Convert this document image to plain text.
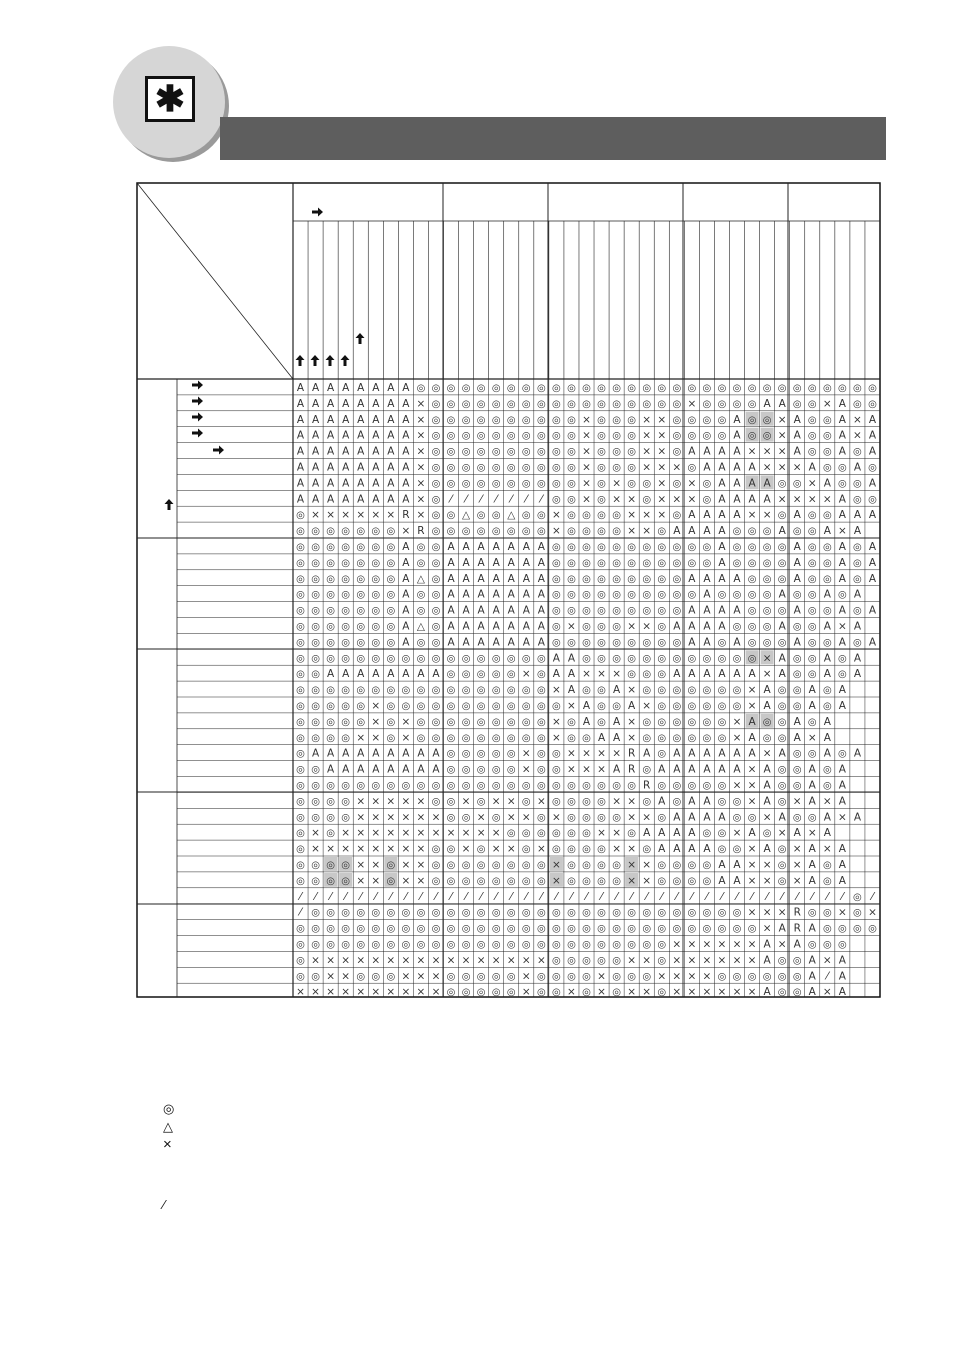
✱
A A A A A A A A ◎ ◎ ◎ ◎ ◎ ◎ ◎ ◎ ◎ ◎ ◎ ◎ ◎ ◎ ◎ ◎ ◎ ◎ ◎ ◎ ◎ ◎ ◎ ◎ ◎ ◎ ◎ ◎ ◎ ◎ ◎
A A A A A A A A × ◎ ◎ ◎ ◎ ◎ ◎ ◎ ◎ ◎ ◎ ◎ ◎ ◎ ◎ ◎ ◎ ◎ × ◎ ◎ ◎ ◎ A A ◎ ◎ × A ◎ ◎
A A A A A A A A × ◎ ◎ ◎ ◎ ◎ ◎ ◎ ◎ ◎ ◎ × ◎ ◎ ◎ × × ◎ ◎ ◎ ◎ A ◎ ◎ × A ◎ ◎ A × A
A A A A A A A A × ◎ ◎ ◎ ◎ ◎ ◎ ◎ ◎ ◎ ◎ × ◎ ◎ ◎ × × ◎ ◎ ◎ ◎ A ◎ ◎ × A ◎ ◎ A × A
A A A A A A A A × ◎ ◎ ◎ ◎ ◎ ◎ ◎ ◎ ◎ ◎ × ◎ ◎ ◎ × × ◎ A A A A × × × A ◎ ◎ A ◎ A
A A A A A A A A × ◎ ◎ ◎ ◎ ◎ ◎ ◎ ◎ ◎ ◎ × ◎ ◎ ◎ × × × ◎ A A A A × × × A ◎ ◎ A ◎
A A A A A A A A × ◎ ◎ ◎ ◎ ◎ ◎ ◎ ◎ ◎ ◎ × ◎ × ◎ ◎ × ◎ × ◎ A A A A ◎ ◎ × A ◎ ◎ A
A A A A A A A A × ◎ ⁄ ⁄ ⁄ ⁄ ⁄ ⁄ ⁄ ◎ ◎ × ◎ × × ◎ × × × ◎ A A A A × × × × A ◎ ◎
◎ × × × × × × R × ◎ ◎ △ ◎ ◎ △ ◎ ◎ × ◎ ◎ ◎ ◎ × × × ◎ A A A A × × ◎ A ◎ ◎ A A A
◎ ◎ ◎ ◎ ◎ ◎ ◎ × R ◎ ◎ ◎ ◎ ◎ ◎ ◎ ◎ × ◎ ◎ ◎ ◎ × × ◎ A A A A ◎ ◎ ◎ A ◎ ◎ A × A
◎ ◎ ◎ ◎ ◎ ◎ ◎ A ◎ ◎ A A A A A A A ◎ ◎ ◎ ◎ ◎ ◎ ◎ ◎ ◎ ◎ ◎ A ◎ ◎ ◎ ◎ A ◎ ◎ A ◎ A
◎ ◎ ◎ ◎ ◎ ◎ ◎ A ◎ ◎ A A A A A A A ◎ ◎ ◎ ◎ ◎ ◎ ◎ ◎ ◎ ◎ ◎ A ◎ ◎ ◎ ◎ A ◎ ◎ A ◎ A
◎ ◎ ◎ ◎ ◎ ◎ ◎ A △ ◎ A A A A A A A ◎ ◎ ◎ ◎ ◎ ◎ ◎ ◎ ◎ A A A A ◎ ◎ ◎ A ◎ ◎ A ◎ A
◎ ◎ ◎ ◎ ◎ ◎ ◎ A ◎ ◎ A A A A A A A ◎ ◎ ◎ ◎ ◎ ◎ ◎ ◎ ◎ ◎ A ◎ ◎ ◎ ◎ A ◎ ◎ A ◎ A
◎ ◎ ◎ ◎ ◎ ◎ ◎ A ◎ ◎ A A A A A A A ◎ ◎ ◎ ◎ ◎ ◎ ◎ ◎ ◎ A A A A ◎ ◎ ◎ A ◎ ◎ A ◎ A
◎ ◎ ◎ ◎ ◎ ◎ ◎ A △ ◎ A A A A A A A ◎ × ◎ ◎ ◎ × × ◎ A A A A ◎ ◎ ◎ A ◎ ◎ A × A
◎ ◎ ◎ ◎ ◎ ◎ ◎ A ◎ ◎ A A A A A A A ◎ ◎ ◎ ◎ ◎ ◎ ◎ ◎ ◎ A A ◎ A ◎ ◎ ◎ A ◎ ◎ A ◎ A
◎ ◎ ◎ ◎ ◎ ◎ ◎ ◎ ◎ ◎ ◎ ◎ ◎ ◎ ◎ ◎ ◎ A A ◎ ◎ ◎ ◎ ◎ ◎ ◎ ◎ ◎ ◎ ◎ ◎ × A ◎ ◎ A ◎ A
◎ ◎ A A A A A A A A ◎ ◎ ◎ ◎ ◎ × ◎ A A × × × ◎ ◎ ◎ A A A A A A × A ◎ ◎ A ◎ A
◎ ◎ ◎ ◎ ◎ ◎ ◎ ◎ ◎ ◎ ◎ ◎ ◎ ◎ ◎ ◎ ◎ × A ◎ ◎ A × ◎ ◎ ◎ ◎ ◎ ◎ ◎ × A ◎ ◎ A ◎ A
◎ ◎ ◎ ◎ ◎ × ◎ ◎ ◎ ◎ ◎ ◎ ◎ ◎ ◎ ◎ ◎ ◎ × A ◎ ◎ A × ◎ ◎ ◎ ◎ ◎ ◎ × A ◎ ◎ A ◎ A
◎ ◎ ◎ ◎ ◎ × ◎ × ◎ ◎ ◎ ◎ ◎ ◎ ◎ ◎ ◎ × ◎ A ◎ A × ◎ ◎ ◎ ◎ ◎ ◎ × A ◎ ◎ A ◎ A
◎ ◎ ◎ ◎ × × ◎ × ◎ ◎ ◎ ◎ ◎ ◎ ◎ ◎ ◎ × ◎ ◎ A A × ◎ ◎ ◎ ◎ ◎ ◎ × A ◎ ◎ A × A
◎ A A A A A A A A A ◎ ◎ ◎ ◎ ◎ × ◎ ◎ × × × × R A ◎ A A A A A A × A ◎ ◎ A ◎ A
◎ ◎ A A A A A A A A ◎ ◎ ◎ ◎ ◎ × ◎ ◎ × × × A R ◎ A A A A A A × A ◎ ◎ A ◎ A
◎ ◎ ◎ ◎ ◎ ◎ ◎ ◎ ◎ ◎ ◎ ◎ ◎ ◎ ◎ ◎ ◎ ◎ ◎ ◎ ◎ ◎ ◎ R ◎ ◎ ◎ ◎ ◎ × × A ◎ ◎ A ◎ A
◎ ◎ ◎ ◎ × × × × × ◎ ◎ × ◎ × × ◎ × ◎ ◎ ◎ ◎ × × ◎ A ◎ A A ◎ ◎ × A ◎ × A × A
◎ ◎ ◎ ◎ × × × × × × ◎ ◎ × ◎ × × ◎ × ◎ ◎ ◎ ◎ × × ◎ A A A A ◎ ◎ × A ◎ ◎ A × A
◎ × ◎ × × × × × × × × × × × ◎ ◎ ◎ ◎ ◎ ◎ × × ◎ A A A A ◎ ◎ × A ◎ × A × A
◎ × × × × × × × × ◎ ◎ × ◎ × × ◎ × ◎ ◎ ◎ ◎ × × ◎ A A A A ◎ ◎ × A ◎ × A × A
◎ ◎ ◎ ◎ × × ◎ × × ◎ ◎ ◎ ◎ ◎ ◎ ◎ ◎ × ◎ ◎ ◎ ◎ × × ◎ ◎ ◎ ◎ A A × × ◎ × A ◎ A
◎ ◎ ◎ ◎ × × ◎ × × ◎ ◎ ◎ ◎ ◎ ◎ ◎ ◎ × ◎ ◎ ◎ ◎ × × ◎ ◎ ◎ ◎ A A × × ◎ × A ◎ A
⁄ ⁄ ⁄ ⁄ ⁄ ⁄ ⁄ ⁄ ⁄ ⁄ ⁄ ⁄ ⁄ ⁄ ⁄ ⁄ ⁄ ⁄ ⁄ ⁄ ⁄ ⁄ ⁄ ⁄ ⁄ ⁄ ⁄ ⁄ ⁄ ⁄ ⁄ ⁄ ⁄ ⁄ ⁄ ⁄ ⁄ ◎ ⁄
⁄ ◎ ◎ ◎ ◎ ◎ ◎ ◎ ◎ ◎ ◎ ◎ ◎ ◎ ◎ ◎ ◎ ◎ ◎ ◎ ◎ ◎ ◎ ◎ ◎ ◎ ◎ ◎ ◎ ◎ × × × R ◎ ◎ × ◎ ×
◎ ◎ ◎ ◎ ◎ ◎ ◎ ◎ ◎ ◎ ◎ ◎ ◎ ◎ ◎ ◎ ◎ ◎ ◎ ◎ ◎ ◎ ◎ ◎ ◎ ◎ ◎ ◎ ◎ ◎ ◎ × A R A ◎ ◎ ◎ ◎
◎ ◎ ◎ ◎ ◎ ◎ ◎ ◎ ◎ ◎ ◎ ◎ ◎ ◎ ◎ ◎ ◎ ◎ ◎ ◎ ◎ ◎ ◎ ◎ ◎ × × × × × × A × A ◎ ◎ ◎
◎ × × × × × × × × × × × × × × × × ◎ ◎ ◎ ◎ ◎ × × ◎ × × × × × × A ◎ ◎ A × A
◎ ◎ × × ◎ ◎ ◎ × × × ◎ ◎ ◎ ◎ ◎ × ◎ ◎ ◎ ◎ × ◎ ◎ ◎ × × × × ◎ ◎ ◎ ◎ ◎ ◎ A ⁄ A
× × × × × × × × × × ◎ ◎ ◎ ◎ ◎ × ◎ ◎ × ◎ × ◎ × × ◎ × × × × × × A ◎ ◎ A × A
◎
△
×
⁄
